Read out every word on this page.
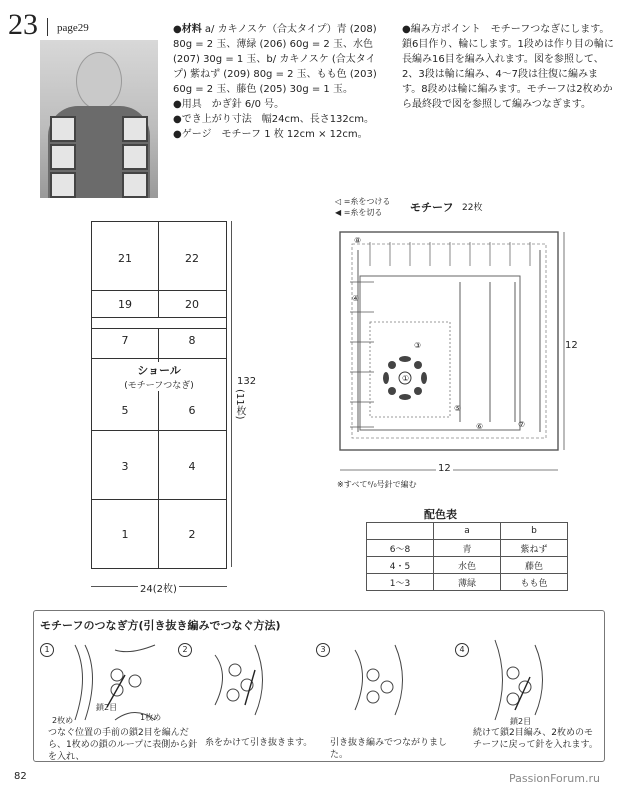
23 page29	●材料 a/ カキノスケ（合太タイプ）青 (208) 80g = 2 玉、薄緑 (206) 60g = 2 玉、水色 (207) 30g = 1 玉、b/ カキノスケ (合太タイプ) 紫ねず (209) 80g = 2 玉、もも色 (203) 60g = 2 玉、藤色 (205) 30g = 1 玉。
●用具　かぎ針 6/0 号。
●でき上がり寸法　幅24cm、長さ132cm。
●ゲージ　モチーフ 1 枚 12cm × 12cm。
●編み方ポイント　モチーフつなぎにします。鎖6目作り、輪にします。1段めは作り目の輪に長編み16目を編み入れます。図を参照して、2、3段は輪に編み、4〜7段は往復に編みます。8段めは輪に編みます。モチーフは2枚めから最終段で図を参照して編みつなぎます。
21	22
19	20
7	8
ショール
(モチーフつなぎ)
5	6
3	4
1	2
132
(11枚)
24(2枚)
◁ =糸をつける
◀ =糸を切る	モチーフ 22枚
12
12
※すべて⁶/₀号針で編む
⑧
④
①
③
⑤
⑥	⑦
配色表
	a	b
6〜8	青	紫ねず
4・5	水色	藤色
1〜3	薄緑	もも色
モチーフのつなぎ方(引き抜き編みでつなぐ方法)
1	2	3	4
2枚め	1枚め
鎖2目
鎖2目
つなぐ位置の手前の鎖2目を編んだら、1枚めの鎖のループに表側から針を入れ、
糸をかけて引き抜きます。	引き抜き編みでつながりました。
続けて鎖2目編み、2枚めのモチーフに戻って針を入れます。
82	PassionForum.ru
